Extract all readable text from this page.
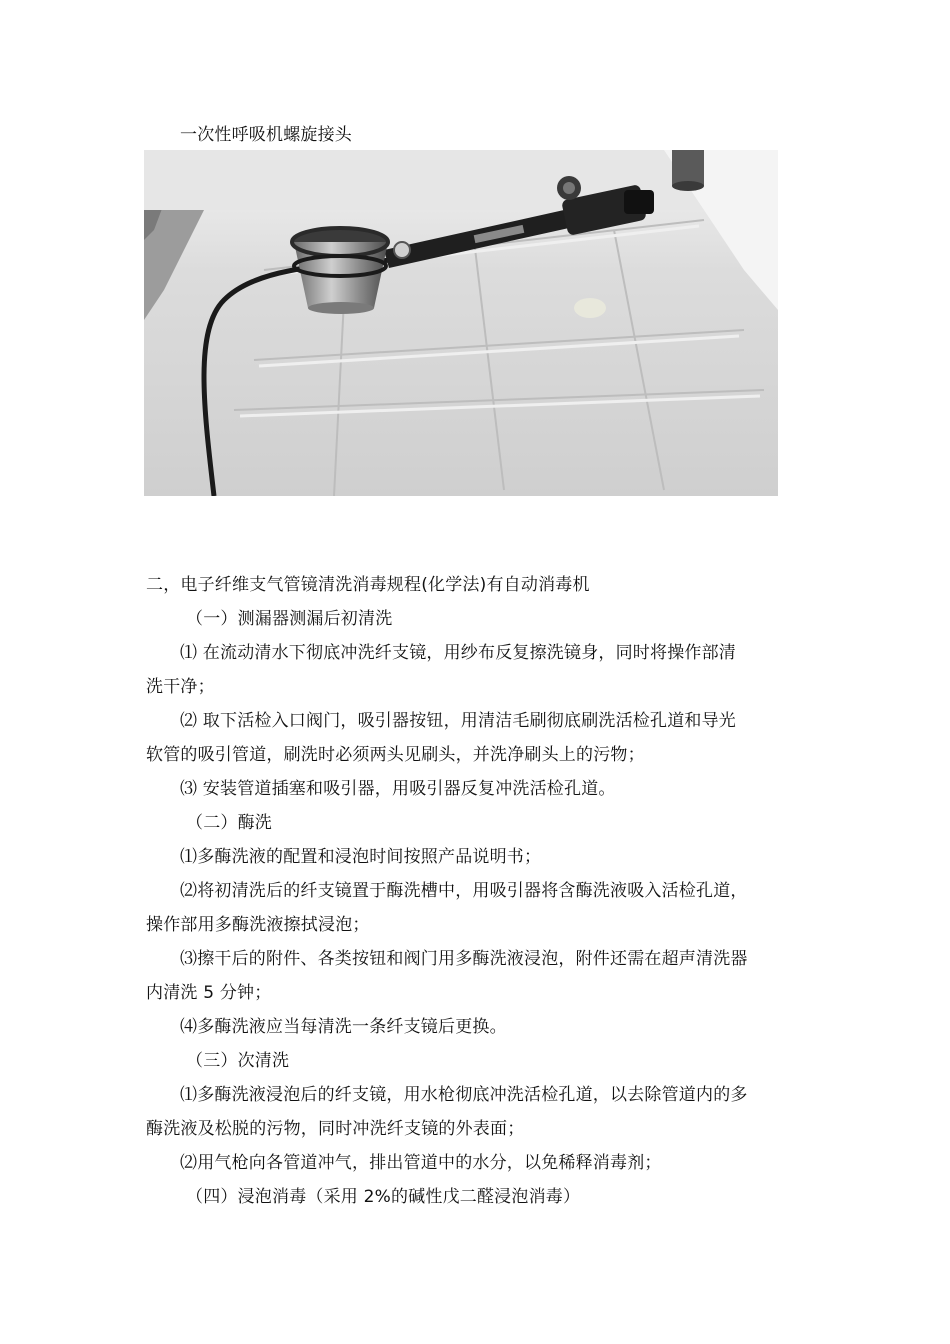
一次性呼吸机螺旋接头
二，电子纤维支气管镜清洗消毒规程(化学法)有自动消毒机
（一）测漏器测漏后初清洗
⑴ 在流动清水下彻底冲洗纤支镜，用纱布反复擦洗镜身，同时将操作部清
洗干净；
⑵ 取下活检入口阀门，吸引器按钮，用清洁毛刷彻底刷洗活检孔道和导光
软管的吸引管道，刷洗时必须两头见刷头，并洗净刷头上的污物；
⑶ 安装管道插塞和吸引器，用吸引器反复冲洗活检孔道。
（二）酶洗
⑴多酶洗液的配置和浸泡时间按照产品说明书；
⑵将初清洗后的纤支镜置于酶洗槽中，用吸引器将含酶洗液吸入活检孔道，
操作部用多酶洗液擦拭浸泡；
⑶擦干后的附件、各类按钮和阀门用多酶洗液浸泡，附件还需在超声清洗器
内清洗 5 分钟；
⑷多酶洗液应当每清洗一条纤支镜后更换。
（三）次清洗
⑴多酶洗液浸泡后的纤支镜，用水枪彻底冲洗活检孔道，以去除管道内的多
酶洗液及松脱的污物，同时冲洗纤支镜的外表面；
⑵用气枪向各管道冲气，排出管道中的水分，以免稀释消毒剂；
（四）浸泡消毒（采用 2%的碱性戊二醛浸泡消毒）
